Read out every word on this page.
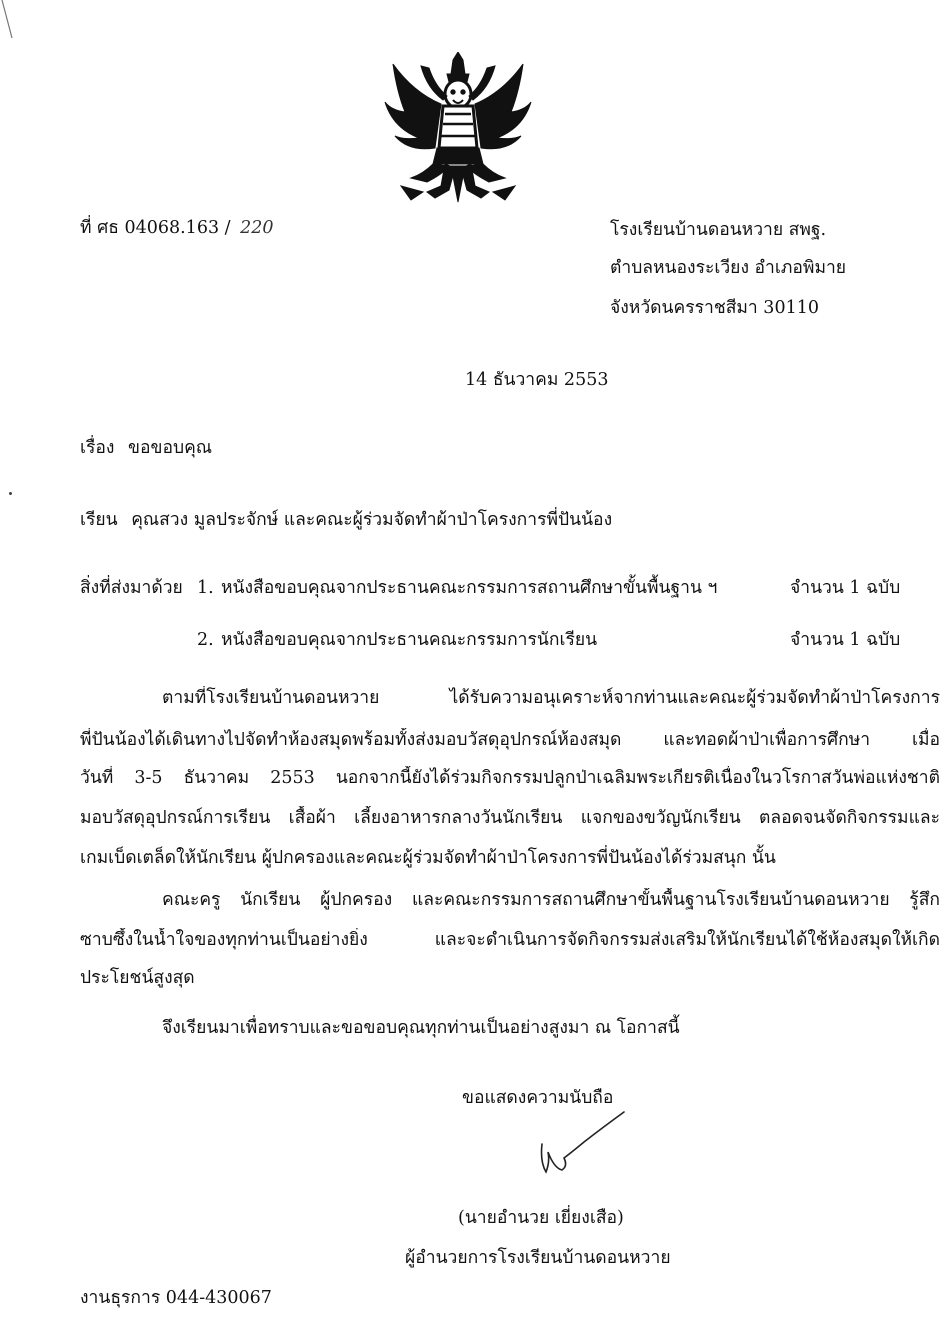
ที่ ศธ 04068.163 / 220	โรงเรียนบ้านดอนหวาย สพฐ.
ตำบลหนองระเวียง อำเภอพิมาย
จังหวัดนครราชสีมา 30110
14 ธันวาคม 2553
เรื่อง ขอขอบคุณ
เรียน คุณสวง มูลประจักษ์ และคณะผู้ร่วมจัดทำผ้าป่าโครงการพี่ปันน้อง
สิ่งที่ส่งมาด้วย 1. หนังสือขอบคุณจากประธานคณะกรรมการสถานศึกษาขั้นพื้นฐาน ฯ	จำนวน 1 ฉบับ
2. หนังสือขอบคุณจากประธานคณะกรรมการนักเรียน	จำนวน 1 ฉบับ
ตามที่โรงเรียนบ้านดอนหวาย ได้รับความอนุเคราะห์จากท่านและคณะผู้ร่วมจัดทำผ้าป่าโครงการ
พี่ปันน้องได้เดินทางไปจัดทำห้องสมุดพร้อมทั้งส่งมอบวัสดุอุปกรณ์ห้องสมุด และทอดผ้าป่าเพื่อการศึกษา เมื่อ
วันที่ 3-5 ธันวาคม 2553 นอกจากนี้ยังได้ร่วมกิจกรรมปลูกป่าเฉลิมพระเกียรติเนื่องในวโรกาสวันพ่อแห่งชาติ
มอบวัสดุอุปกรณ์การเรียน เสื้อผ้า เลี้ยงอาหารกลางวันนักเรียน แจกของขวัญนักเรียน ตลอดจนจัดกิจกรรมและ
เกมเบ็ดเตล็ดให้นักเรียน ผู้ปกครองและคณะผู้ร่วมจัดทำผ้าป่าโครงการพี่ปันน้องได้ร่วมสนุก นั้น
คณะครู นักเรียน ผู้ปกครอง และคณะกรรมการสถานศึกษาขั้นพื้นฐานโรงเรียนบ้านดอนหวาย รู้สึก
ซาบซึ้งในน้ำใจของทุกท่านเป็นอย่างยิ่ง และจะดำเนินการจัดกิจกรรมส่งเสริมให้นักเรียนได้ใช้ห้องสมุดให้เกิด
ประโยชน์สูงสุด
จึงเรียนมาเพื่อทราบและขอขอบคุณทุกท่านเป็นอย่างสูงมา ณ โอกาสนี้
ขอแสดงความนับถือ
(นายอำนวย เยี่ยงเสือ)
ผู้อำนวยการโรงเรียนบ้านดอนหวาย
งานธุรการ 044-430067
